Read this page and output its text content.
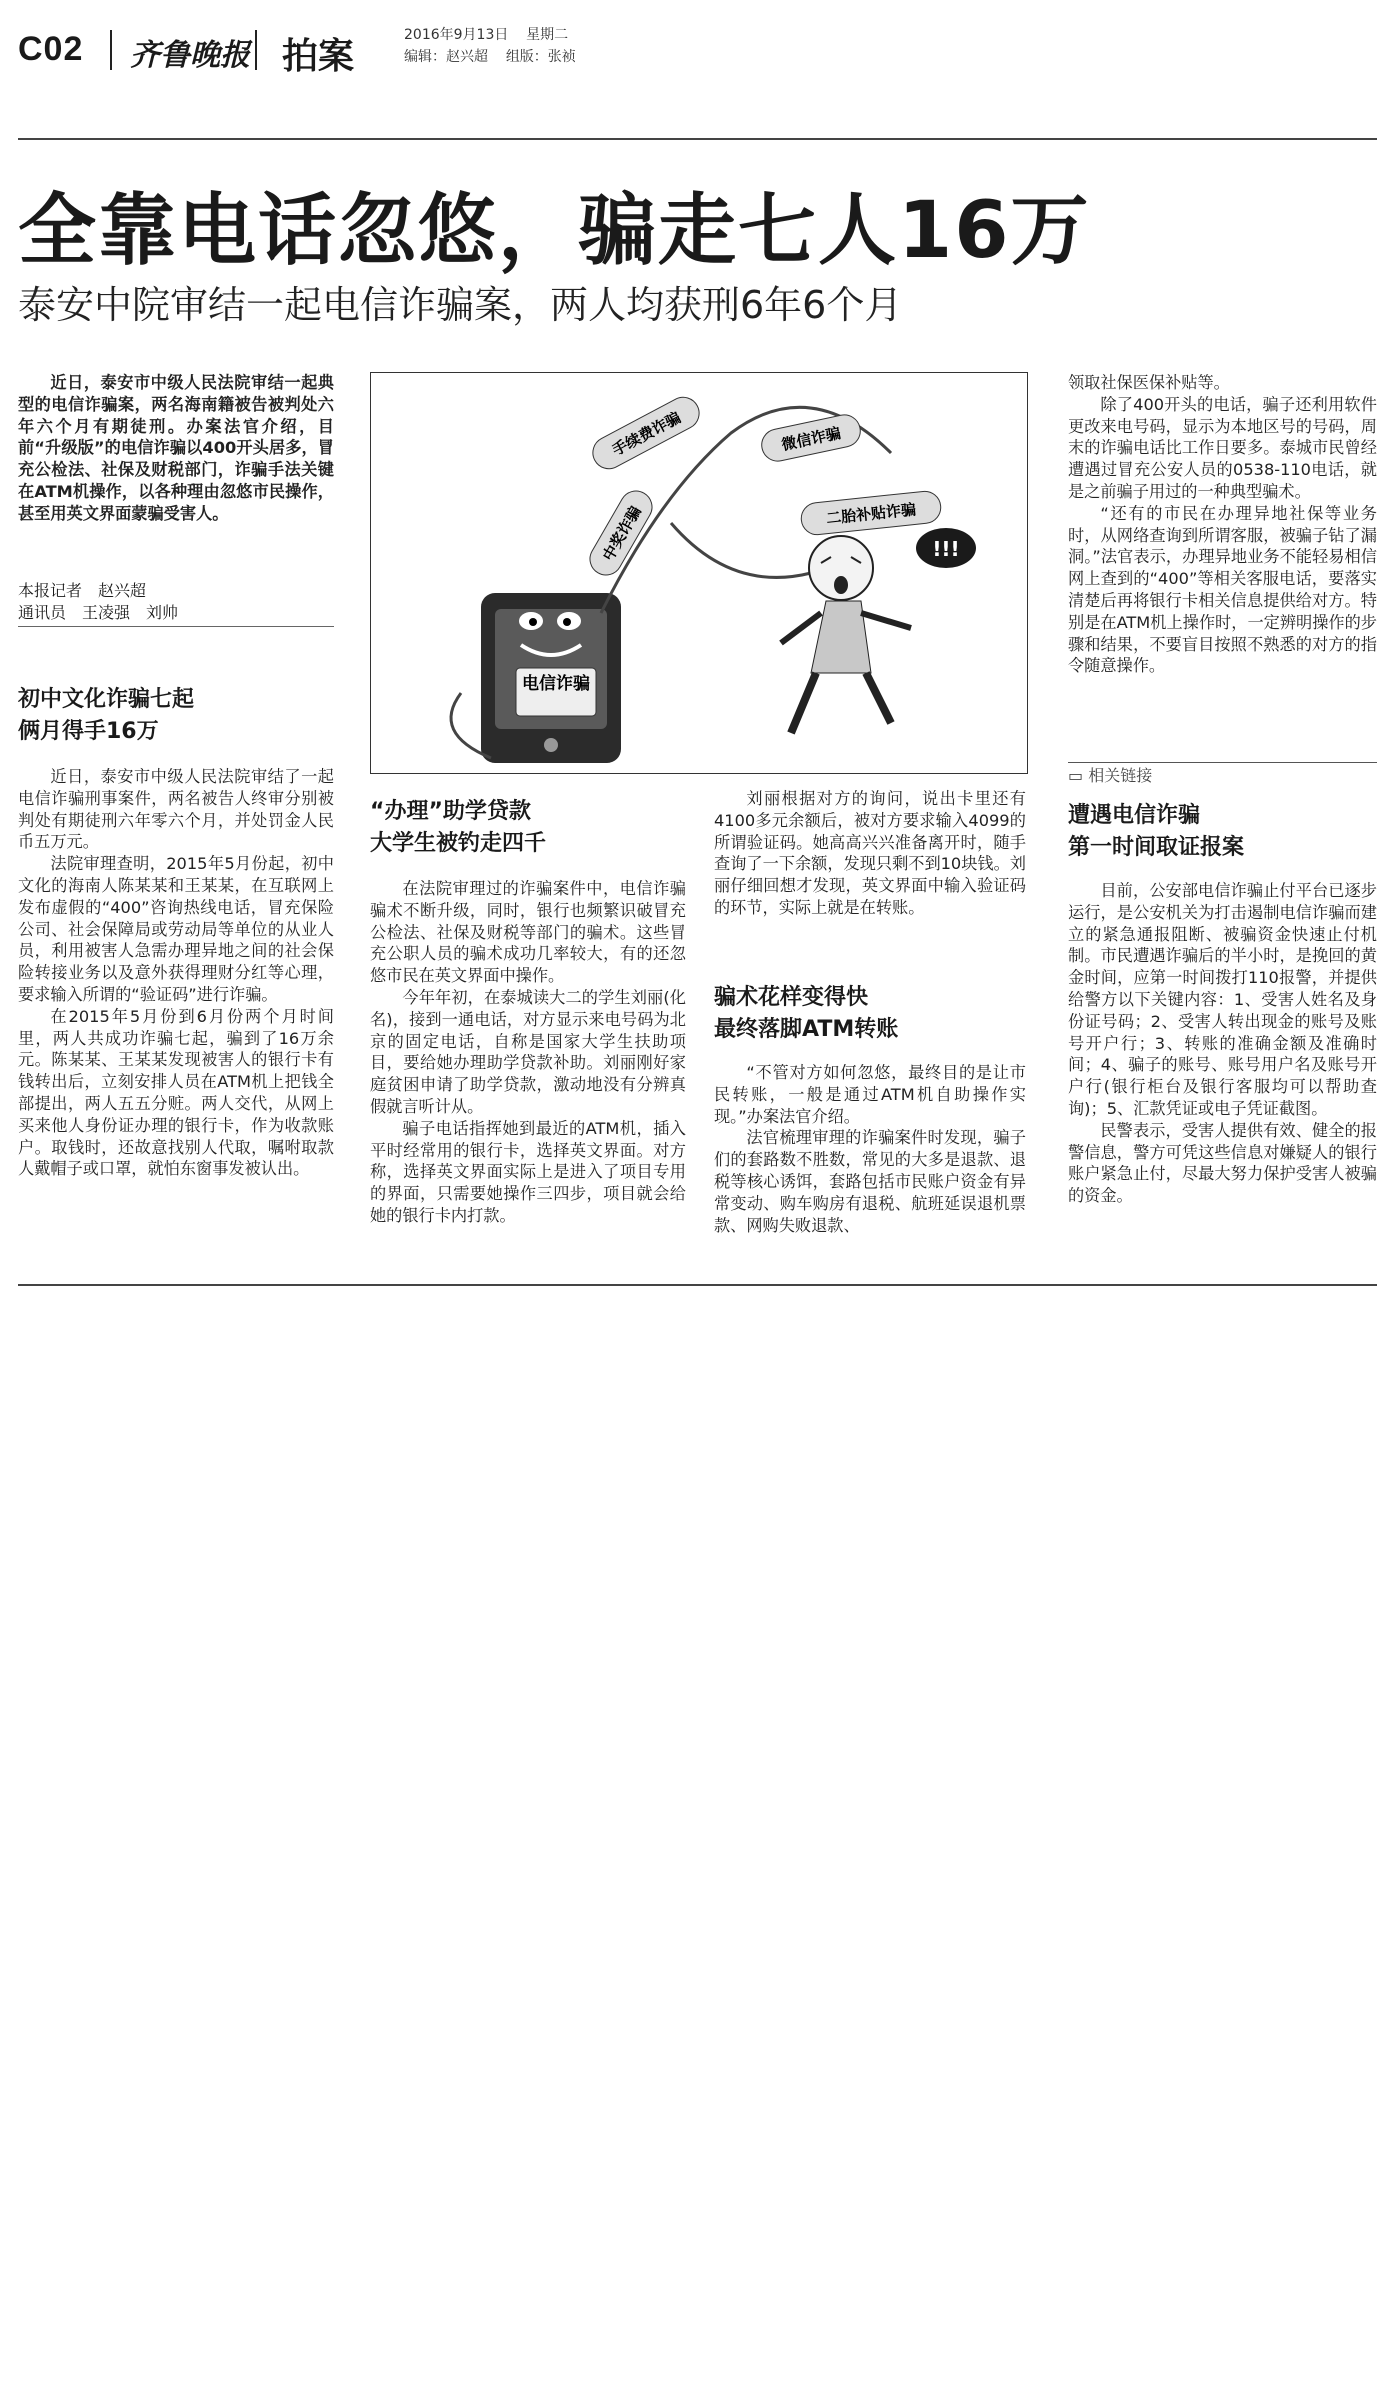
C02 齐鲁晚报 拍案
2016年9月13日 星期二
编辑：赵兴超 组版：张祯
全靠电话忽悠，骗走七人16万
泰安中院审结一起电信诈骗案，两人均获刑6年6个月

近日，泰安市中级人民法院审结一起典型的电信诈骗案，两名海南籍被告被判处六年六个月有期徒刑。办案法官介绍，目前“升级版”的电信诈骗以400开头居多，冒充公检法、社保及财税部门，诈骗手法关键在ATM机操作，以各种理由忽悠市民操作，甚至用英文界面蒙骗受害人。

本报记者　赵兴超
通讯员　王凌强　刘帅
初中文化诈骗七起
俩月得手16万

近日，泰安市中级人民法院审结了一起电信诈骗刑事案件，两名被告人终审分别被判处有期徒刑六年零六个月，并处罚金人民币五万元。

法院审理查明，2015年5月份起，初中文化的海南人陈某某和王某某，在互联网上发布虚假的“400”咨询热线电话，冒充保险公司、社会保障局或劳动局等单位的从业人员，利用被害人急需办理异地之间的社会保险转接业务以及意外获得理财分红等心理，要求输入所谓的“验证码”进行诈骗。

在2015年5月份到6月份两个月时间里，两人共成功诈骗七起，骗到了16万余元。陈某某、王某某发现被害人的银行卡有钱转出后，立刻安排人员在ATM机上把钱全部提出，两人五五分赃。两人交代，从网上买来他人身份证办理的银行卡，作为收款账户。取钱时，还故意找别人代取，嘱咐取款人戴帽子或口罩，就怕东窗事发被认出。

电信诈骗
手续费诈骗	微信诈骗
中奖诈骗	二胎补贴诈骗
!!!
“办理”助学贷款
大学生被钓走四千

在法院审理过的诈骗案件中，电信诈骗骗术不断升级，同时，银行也频繁识破冒充公检法、社保及财税等部门的骗术。这些冒充公职人员的骗术成功几率较大，有的还忽悠市民在英文界面中操作。

今年年初，在泰城读大二的学生刘丽(化名)，接到一通电话，对方显示来电号码为北京的固定电话，自称是国家大学生扶助项目，要给她办理助学贷款补助。刘丽刚好家庭贫困申请了助学贷款，激动地没有分辨真假就言听计从。

骗子电话指挥她到最近的ATM机，插入平时经常用的银行卡，选择英文界面。对方称，选择英文界面实际上是进入了项目专用的界面，只需要她操作三四步，项目就会给她的银行卡内打款。

刘丽根据对方的询问，说出卡里还有4100多元余额后，被对方要求输入4099的所谓验证码。她高高兴兴准备离开时，随手查询了一下余额，发现只剩不到10块钱。刘丽仔细回想才发现，英文界面中输入验证码的环节，实际上就是在转账。

骗术花样变得快
最终落脚ATM转账

“不管对方如何忽悠，最终目的是让市民转账，一般是通过ATM机自助操作实现。”办案法官介绍。

法官梳理审理的诈骗案件时发现，骗子们的套路数不胜数，常见的大多是退款、退税等核心诱饵，套路包括市民账户资金有异常变动、购车购房有退税、航班延误退机票款、网购失败退款、

领取社保医保补贴等。

除了400开头的电话，骗子还利用软件更改来电号码，显示为本地区号的号码，周末的诈骗电话比工作日要多。泰城市民曾经遭遇过冒充公安人员的0538-110电话，就是之前骗子用过的一种典型骗术。

“还有的市民在办理异地社保等业务时，从网络查询到所谓客服，被骗子钻了漏洞。”法官表示，办理异地业务不能轻易相信网上查到的“400”等相关客服电话，要落实清楚后再将银行卡相关信息提供给对方。特别是在ATM机上操作时，一定辨明操作的步骤和结果，不要盲目按照不熟悉的对方的指令随意操作。

▭ 相关链接
遭遇电信诈骗
第一时间取证报案

目前，公安部电信诈骗止付平台已逐步运行，是公安机关为打击遏制电信诈骗而建立的紧急通报阻断、被骗资金快速止付机制。市民遭遇诈骗后的半小时，是挽回的黄金时间，应第一时间拨打110报警，并提供给警方以下关键内容：1、受害人姓名及身份证号码；2、受害人转出现金的账号及账号开户行；3、转账的准确金额及准确时间；4、骗子的账号、账号用户名及账号开户行(银行柜台及银行客服均可以帮助查询)；5、汇款凭证或电子凭证截图。

民警表示，受害人提供有效、健全的报警信息，警方可凭这些信息对嫌疑人的银行账户紧急止付，尽最大努力保护受害人被骗的资金。
